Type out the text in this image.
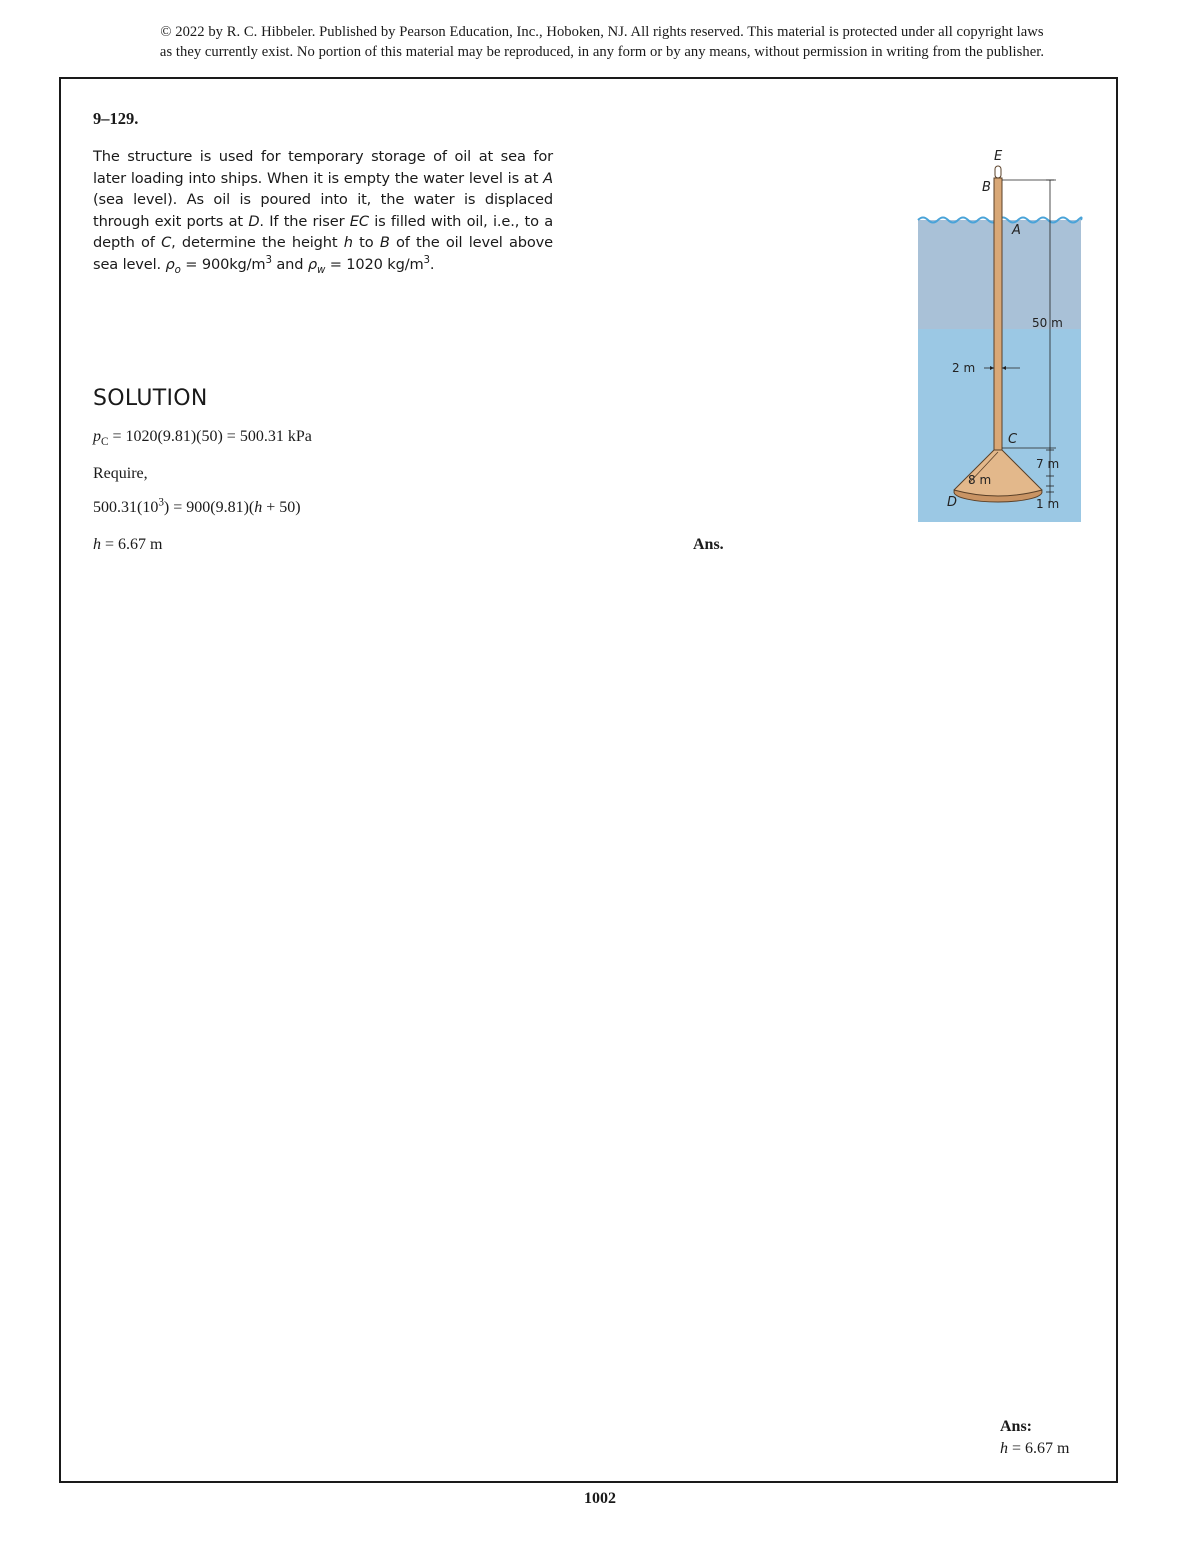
© 2022 by R. C. Hibbeler. Published by Pearson Education, Inc., Hoboken, NJ. All rights reserved. This material is protected under all copyright laws
as they currently exist. No portion of this material may be reproduced, in any form or by any means, without permission in writing from the publisher.
9–129.

The structure is used for temporary storage of oil at sea for later loading into ships. When it is empty the water level is at A (sea level). As oil is poured into it, the water is displaced through exit ports at D. If the riser EC is filled with oil, i.e., to a depth of C, determine the height h to B of the oil level above sea level. $\rho_o = 900kg/m^3$ and $\rho_w = 1020$ $kg/m^3$.

SOLUTION
$p_C = 1020(9.81)(50) = 500.31$ kPa
Require,
$500.31(10^3) = 900(9.81)(h + 50)$
h = 6.67 m	Ans.
E
B
A
C
D
50 m
2 m
8 m
7 m
1 m
Ans:
h = 6.67 m
1002
